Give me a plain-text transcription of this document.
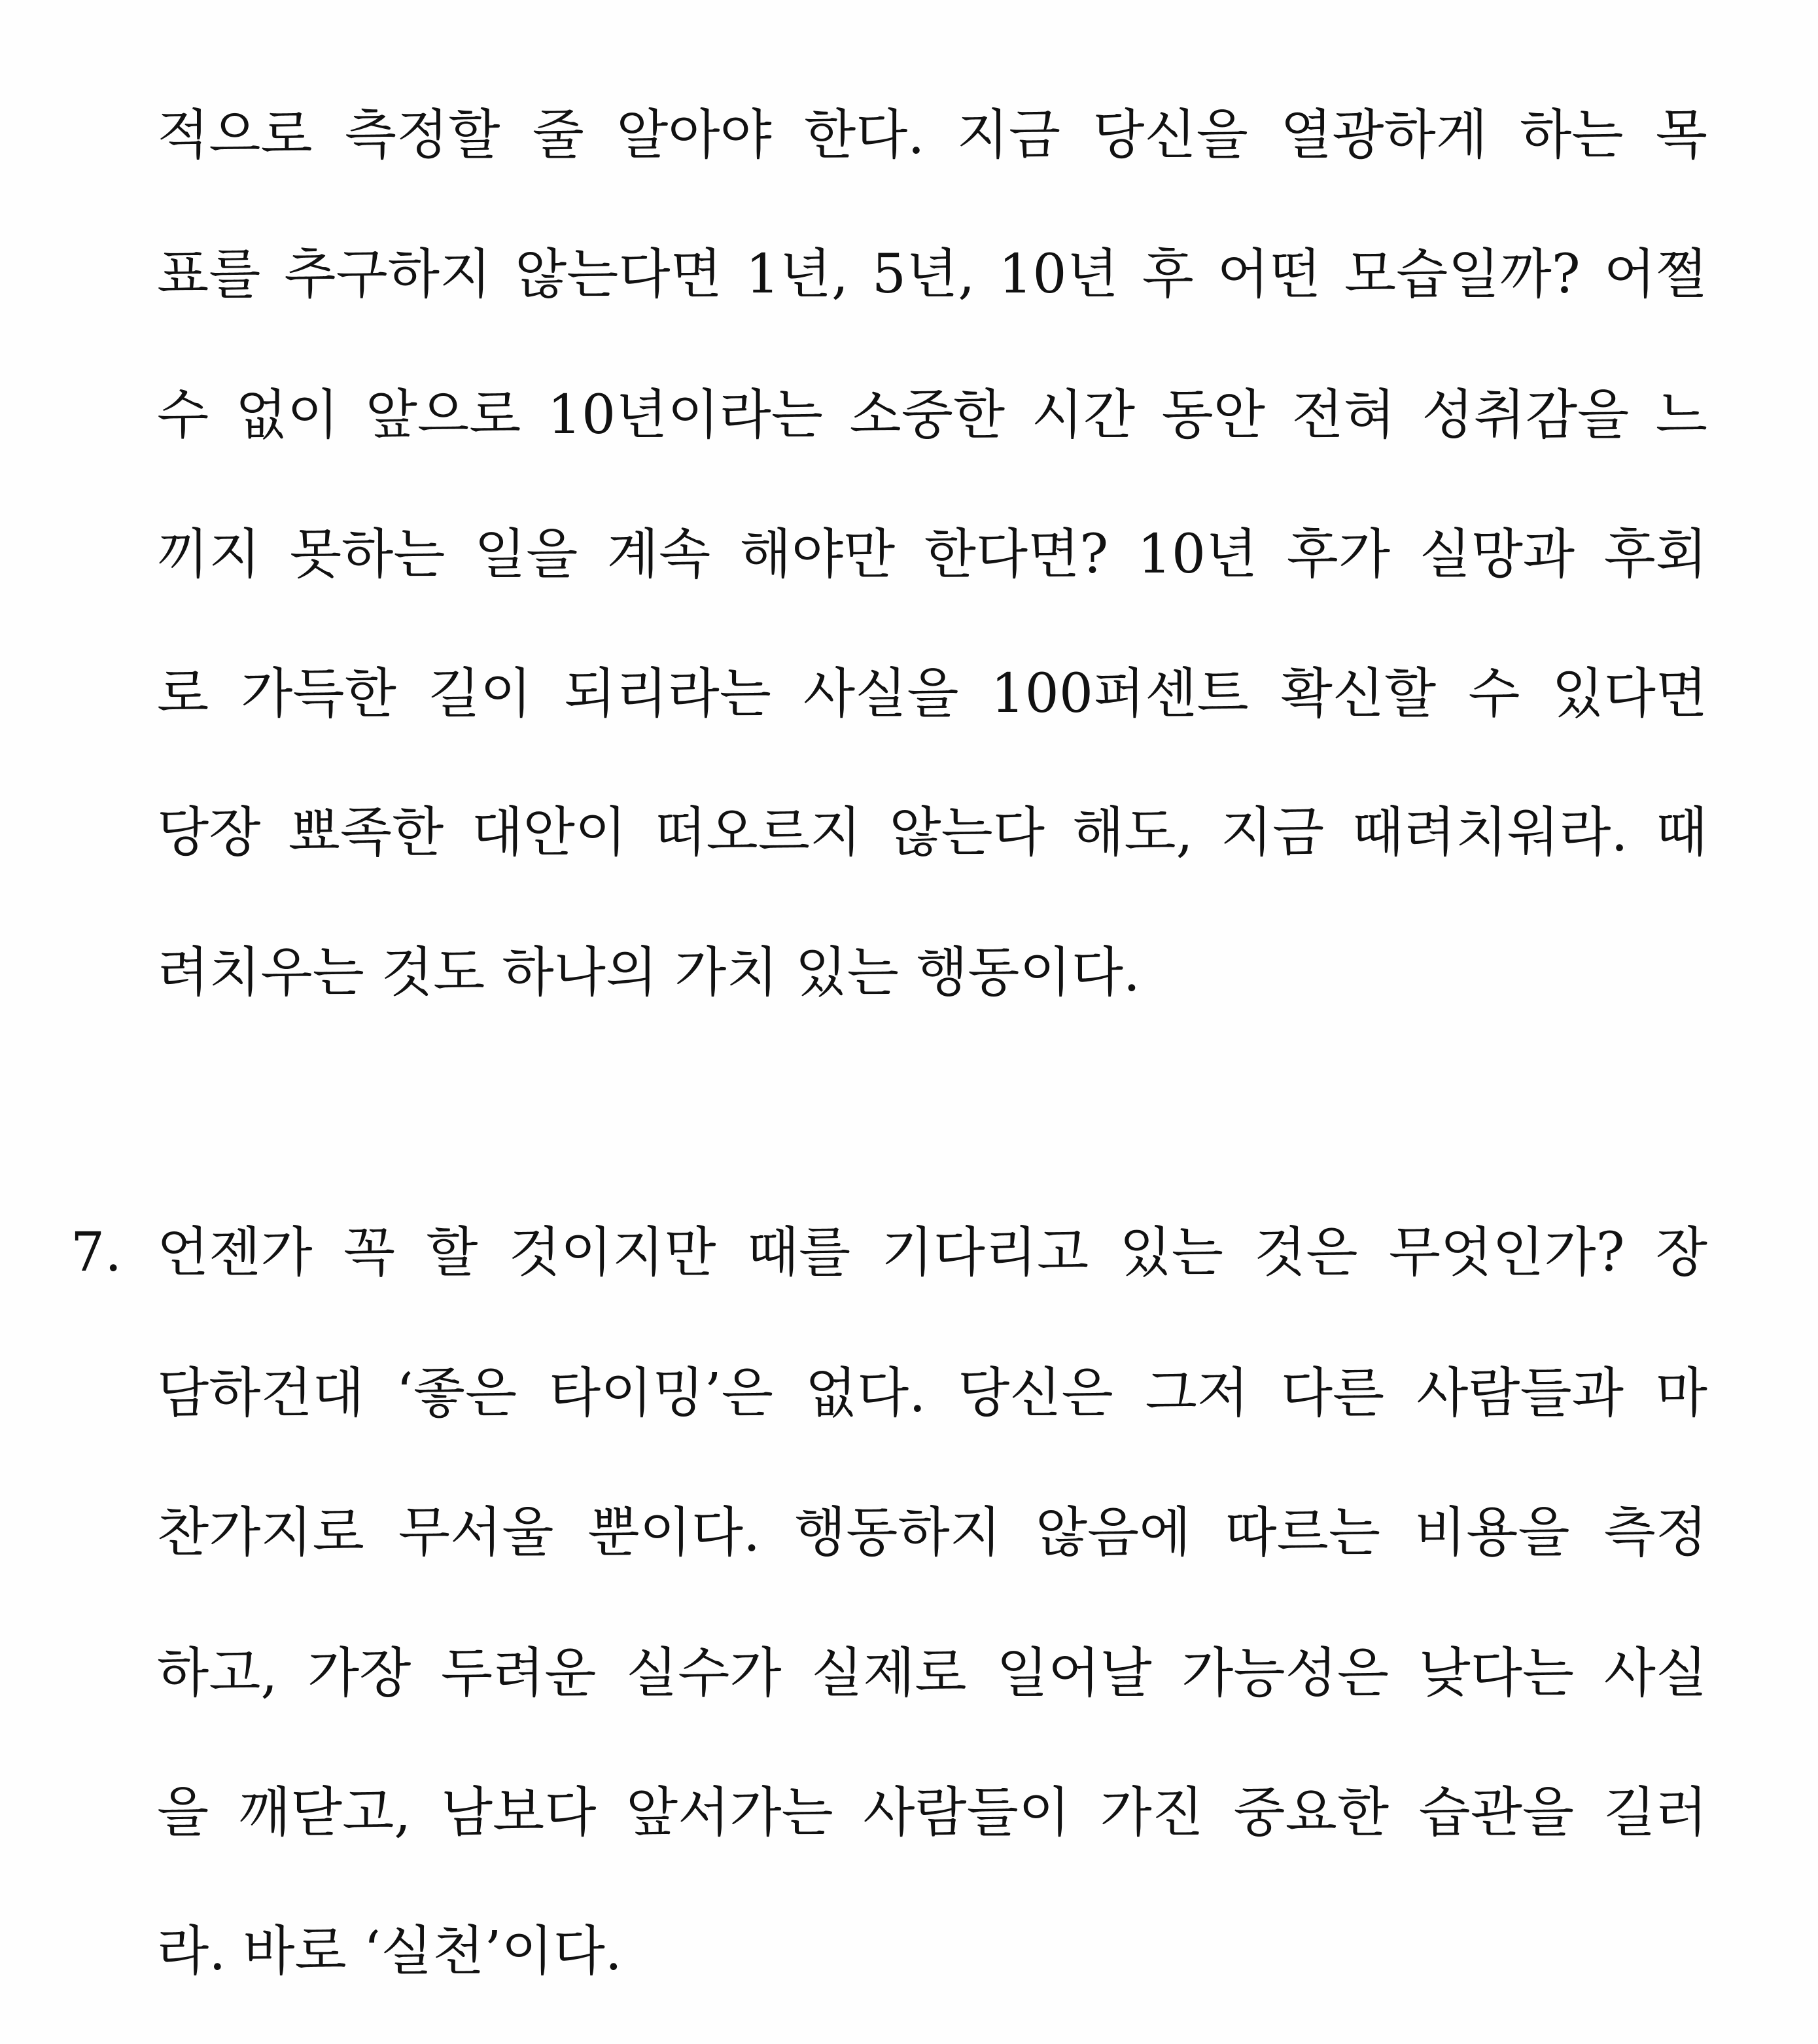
적으로 측정할 줄 알아야 한다. 지금 당신을 열광하게 하는 목
표를 추구하지 않는다면 1년, 5년, 10년 후 어떤 모습일까? 어쩔
수 없이 앞으로 10년이라는 소중한 시간 동안 전혀 성취감을 느
끼지 못하는 일을 계속 해야만 한다면? 10년 후가 실망과 후회
로 가득한 길이 되리라는 사실을 100퍼센트 확신할 수 있다면
당장 뾰족한 대안이 떠오르지 않는다 해도, 지금 때려치워라. 때
려치우는 것도 하나의 가치 있는 행동이다.
7. 언젠가 꼭 할 것이지만 때를 기다리고 있는 것은 무엇인가? 장
담하건대 ‘좋은 타이밍’은 없다. 당신은 그저 다른 사람들과 마
찬가지로 무서울 뿐이다. 행동하지 않음에 따르는 비용을 측정
하고, 가장 두려운 실수가 실제로 일어날 가능성은 낮다는 사실
을 깨닫고, 남보다 앞서가는 사람들이 가진 중요한 습관을 길러
라. 바로 ‘실천’이다.
